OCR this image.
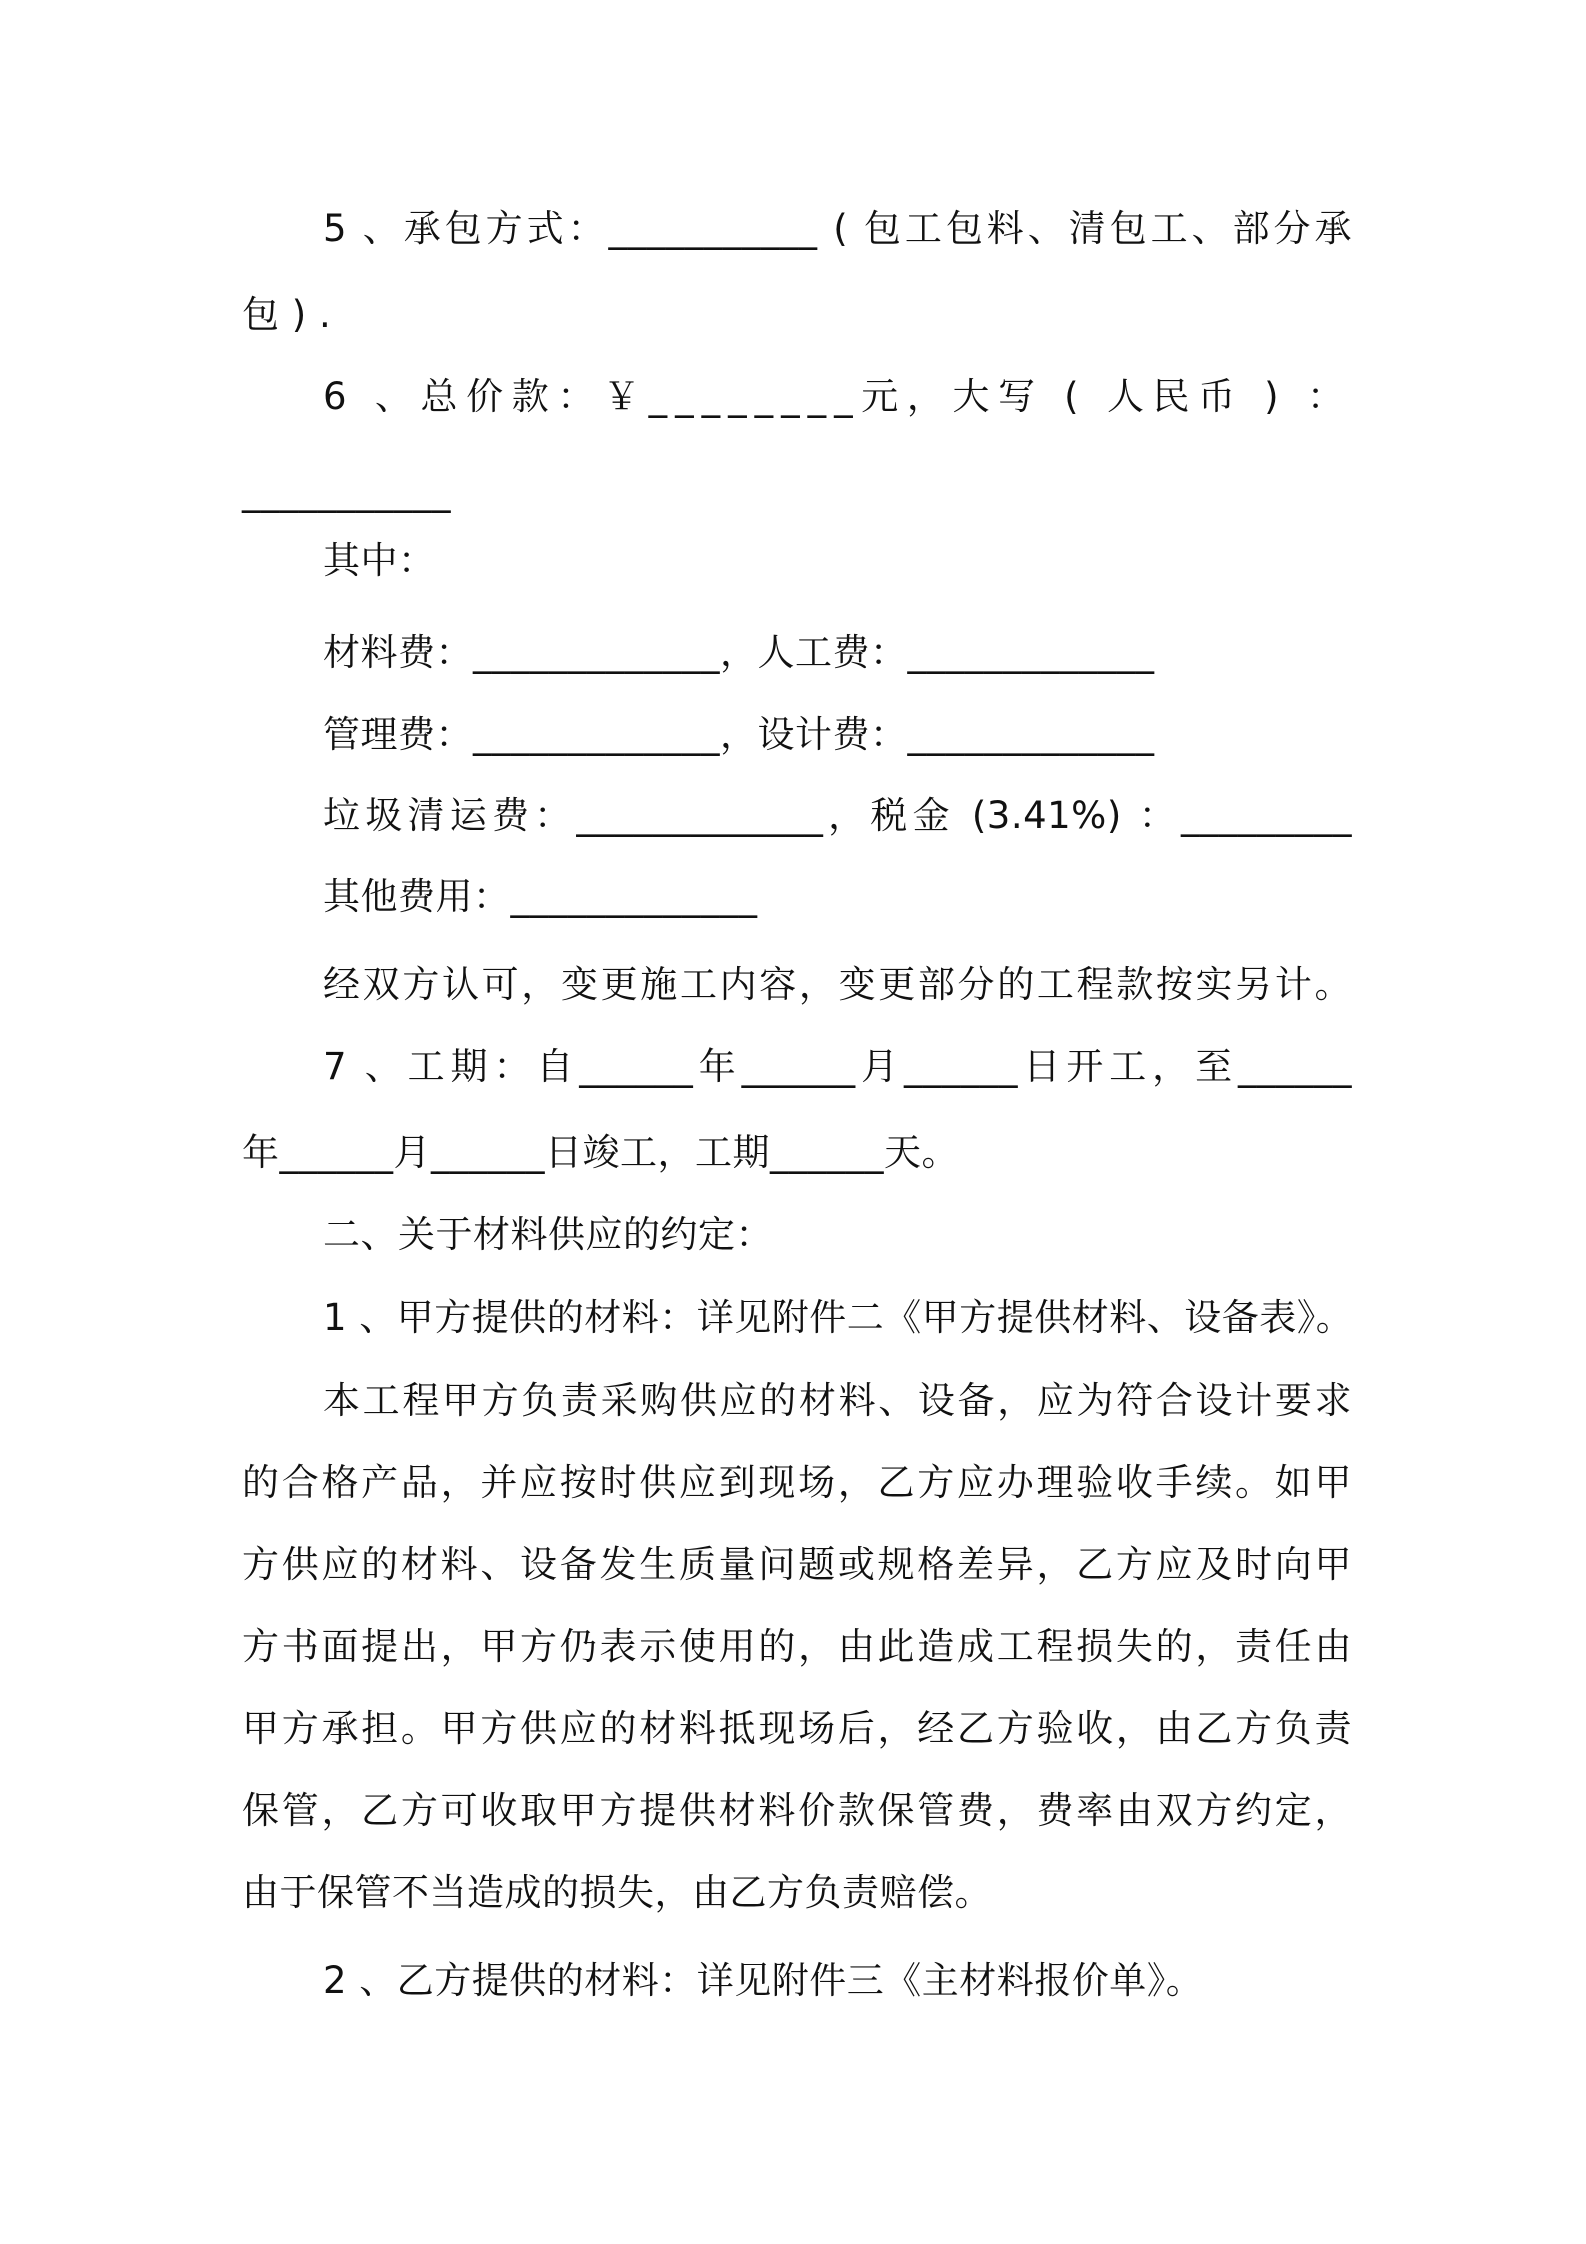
5 、承包方式：___________ ( 包工包料、清包工、部分承
包 ) .
6 、总价款：￥________元，大写 ( 人民币 ) ：
___________
其中：
材料费：_____________，人工费：_____________
管理费：_____________，设计费：_____________
垃圾清运费：_____________，税金 (3.41%) ：_________
其他费用：_____________
经双方认可，变更施工内容，变更部分的工程款按实另计。
7 、工期：自______年______月______日开工，至______
年______月______日竣工，工期______天。
二、关于材料供应的约定：
1 、甲方提供的材料：详见附件二《甲方提供材料、设备表》。
本工程甲方负责采购供应的材料、设备，应为符合设计要求
的合格产品，并应按时供应到现场，乙方应办理验收手续。如甲
方供应的材料、设备发生质量问题或规格差异，乙方应及时向甲
方书面提出，甲方仍表示使用的，由此造成工程损失的，责任由
甲方承担。甲方供应的材料抵现场后，经乙方验收，由乙方负责
保管，乙方可收取甲方提供材料价款保管费，费率由双方约定，
由于保管不当造成的损失，由乙方负责赔偿。
2 、乙方提供的材料：详见附件三《主材料报价单》。
